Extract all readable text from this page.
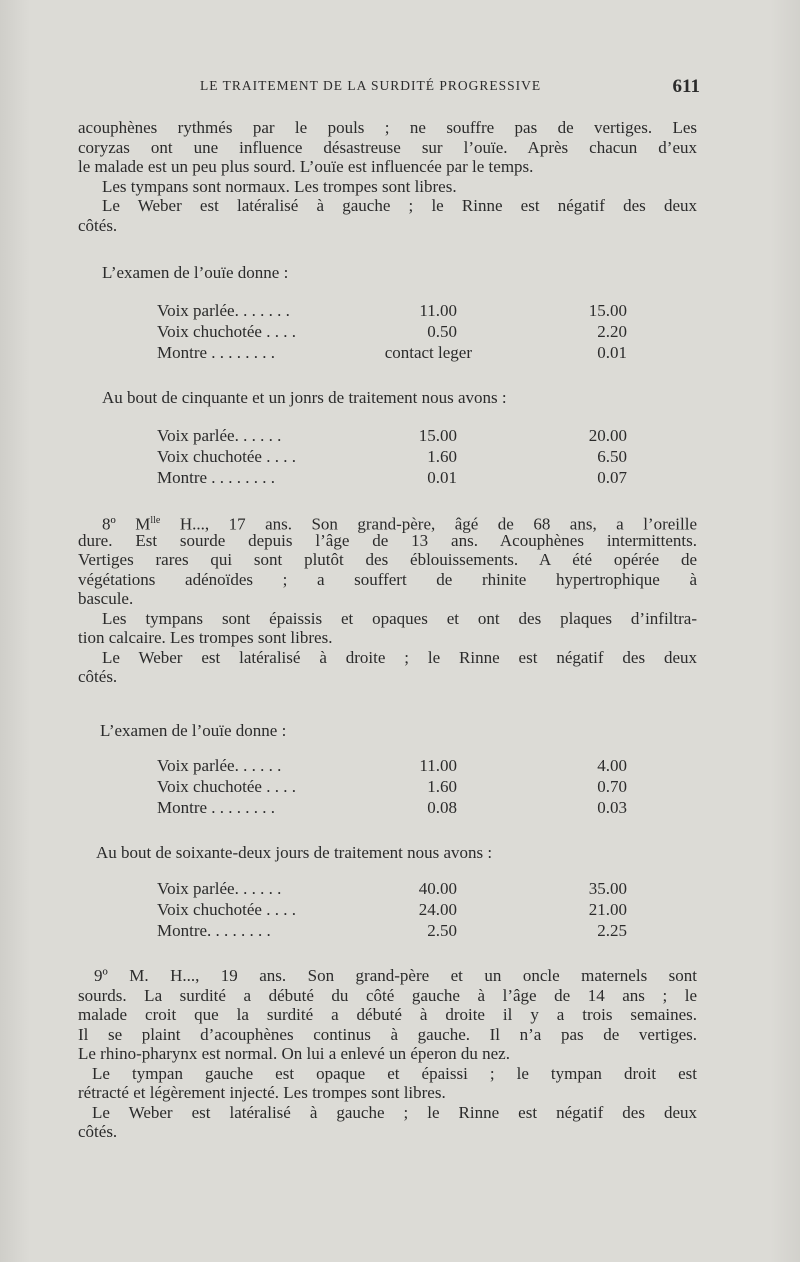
LE TRAITEMENT DE LA SURDITÉ PROGRESSIVE	611
acouphènes rythmés par le pouls ; ne souffre pas de vertiges. Les
coryzas ont une influence désastreuse sur l’ouïe. Après chacun d’eux
le malade est un peu plus sourd. L’ouïe est influencée par le temps.
Les tympans sont normaux. Les trompes sont libres.
Le Weber est latéralisé à gauche ; le Rinne est négatif des deux
côtés.
L’examen de l’ouïe donne :
Voix parlée. . . . . . .	11.00	15.00
Voix chuchotée . . . .	0.50	2.20
Montre . . . . . . . .	contact leger	0.01
Au bout de cinquante et un jonrs de traitement nous avons :
Voix parlée. . . . . .	15.00	20.00
Voix chuchotée . . . .	1.60	6.50
Montre . . . . . . . .	0.01	0.07
8º $M^{lle}$ H..., 17 ans. Son grand-père, âgé de 68 ans, a l’oreille
dure. Est sourde depuis l’âge de 13 ans. Acouphènes intermittents.
Vertiges rares qui sont plutôt des éblouissements. A été opérée de
végétations adénoïdes ; a souffert de rhinite hypertrophique à
bascule.
Les tympans sont épaissis et opaques et ont des plaques d’infiltra-
tion calcaire. Les trompes sont libres.
Le Weber est latéralisé à droite ; le Rinne est négatif des deux
côtés.
L’examen de l’ouïe donne :
Voix parlée. . . . . .	11.00	4.00
Voix chuchotée . . . .	1.60	0.70
Montre . . . . . . . .	0.08	0.03
Au bout de soixante-deux jours de traitement nous avons :
Voix parlée. . . . . .	40.00	35.00
Voix chuchotée . . . .	24.00	21.00
Montre. . . . . . . .	2.50	2.25
9º M. H..., 19 ans. Son grand-père et un oncle maternels sont
sourds. La surdité a débuté du côté gauche à l’âge de 14 ans ; le
malade croit que la surdité a débuté à droite il y a trois semaines.
Il se plaint d’acouphènes continus à gauche. Il n’a pas de vertiges.
Le rhino-pharynx est normal. On lui a enlevé un éperon du nez.
Le tympan gauche est opaque et épaissi ; le tympan droit est
rétracté et légèrement injecté. Les trompes sont libres.
Le Weber est latéralisé à gauche ; le Rinne est négatif des deux
côtés.
